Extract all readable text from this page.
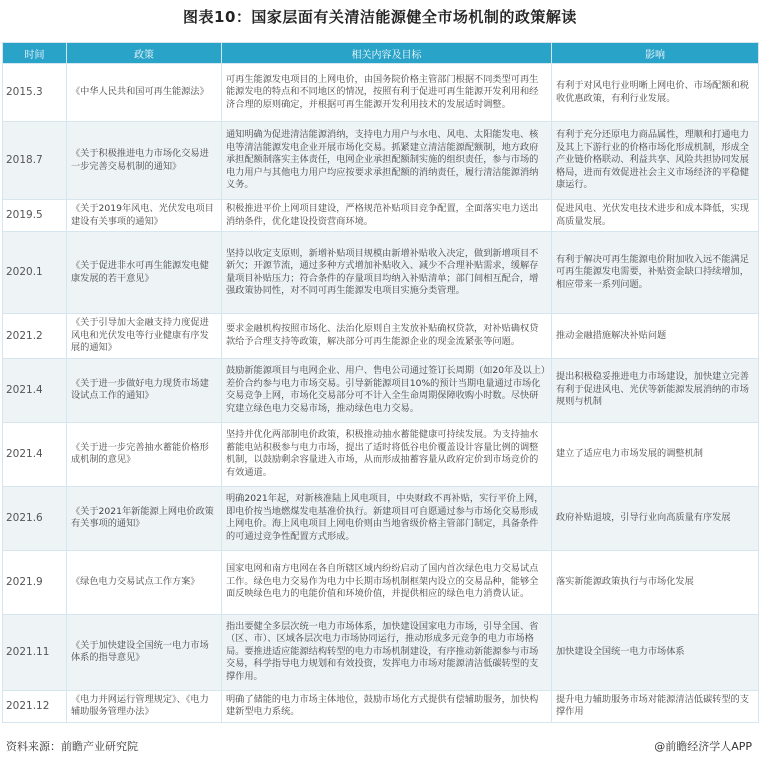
图表10：国家层面有关清洁能源健全市场机制的政策解读
时间	政策	相关内容及目标	影响
2015.3	《中华人民共和国可再生能源法》	可再生能源发电项目的上网电价，由国务院价格主管部门根据不同类型可再生能源发电的特点和不同地区的情况，按照有利于促进可再生能源开发利用和经济合理的原则确定，并根据可再生能源开发利用技术的发展适时调整。	有利于对风电行业明晰上网电价、市场配额和税收优惠政策，有利行业发展。
2018.7	《关于积极推进电力市场化交易进一步完善交易机制的通知》	通知明确为促进清洁能源消纳，支持电力用户与水电、风电、太阳能发电、核电等清洁能源发电企业开展市场化交易。抓紧建立清洁能源配额制，地方政府承担配额制落实主体责任，电网企业承担配额制实施的组织责任，参与市场的电力用户与其他电力用户均应按要求承担配额的消纳责任，履行清洁能源消纳义务。	有利于充分还原电力商品属性，理顺和打通电力及其上下游行业的价格市场化形成机制，形成全产业链价格联动、利益共享、风险共担协同发展格局，进而有效促进社会主义市场经济的平稳健康运行。
2019.5	《关于2019年风电、光伏发电项目建设有关事项的通知》	积极推进平价上网项目建设，严格规范补贴项目竞争配置，全面落实电力送出消纳条件，优化建设投资营商环境。	促进风电、光伏发电技术进步和成本降低，实现高质量发展。
2020.1	《关于促进非水可再生能源发电健康发展的若干意见》	坚持以收定支原则，新增补贴项目规模由新增补贴收入决定，做到新增项目不新欠；开源节流，通过多种方式增加补贴收入、减少不合理补贴需求，缓解存量项目补贴压力；符合条件的存量项目均纳入补贴清单；部门间相互配合，增强政策协同性，对不同可再生能源发电项目实施分类管理。	有利于解决可再生能源电价附加收入远不能满足可再生能源发电需要，补贴资金缺口持续增加，相应带来一系列问题。
2021.2	《关于引导加大金融支持力度促进风电和光伏发电等行业健康有序发展的通知》	要求金融机构按照市场化、法治化原则自主发放补贴确权贷款，对补贴确权贷款给予合理支持等政策，解决部分可再生能源企业的现金流紧张等问题。	推动金融措施解决补贴问题
2021.4	《关于进一步做好电力现货市场建设试点工作的通知》	鼓励新能源项目与电网企业、用户、售电公司通过签订长周期（如20年及以上）差价合约参与电力市场交易。引导新能源项目10%的预计当期电量通过市场化交易竞争上网，市场化交易部分可不计入全生命周期保障收购小时数。尽快研究建立绿色电力交易市场，推动绿色电力交易。	提出积极稳妥推进电力市场建设，加快建立完善有利于促进风电、光伏等新能源发展消纳的市场规则与机制
2021.4	《关于进一步完善抽水蓄能价格形成机制的意见》	坚持并优化两部制电价政策，积极推动抽水蓄能健康可持续发展。为支持抽水蓄能电站积极参与电力市场，提出了适时将低谷电价覆盖设计容量比例的调整机制，以鼓励剩余容量进入市场，从而形成抽蓄容量从政府定价到市场竞价的有效通道。	建立了适应电力市场发展的调整机制
2021.6	《关于2021年新能源上网电价政策有关事项的通知》	明确2021年起，对新核准陆上风电项目，中央财政不再补贴，实行平价上网，即电价按当地燃煤发电基准价执行。新建项目可自愿通过参与市场化交易形成上网电价。海上风电项目上网电价则由当地省级价格主管部门制定，具备条件的可通过竞争性配置方式形成。	政府补贴退坡，引导行业向高质量有序发展
2021.9	《绿色电力交易试点工作方案》	国家电网和南方电网在各自所辖区域内纷纷启动了国内首次绿色电力交易试点工作。绿色电力交易作为电力中长期市场机制框架内设立的交易品种，能够全面反映绿色电力的电能价值和环境价值，并提供相应的绿色电力消费认证。	落实新能源政策执行与市场化发展
2021.11	《关于加快建设全国统一电力市场体系的指导意见》	指出要健全多层次统一电力市场体系，加快建设国家电力市场，引导全国、省（区、市）、区域各层次电力市场协同运行，推动形成多元竞争的电力市场格局。要推进适应能源结构转型的电力市场机制建设，有序推动新能源参与市场交易，科学指导电力规划和有效投资，发挥电力市场对能源清洁低碳转型的支撑作用。	加快建设全国统一电力市场体系
2021.12	《电力并网运行管理规定》、《电力辅助服务管理办法》	明确了储能的电力市场主体地位，鼓励市场化方式提供有偿辅助服务，加快构建新型电力系统。	提升电力辅助服务市场对能源清洁低碳转型的支撑作用
资料来源：前瞻产业研究院	@前瞻经济学人APP
